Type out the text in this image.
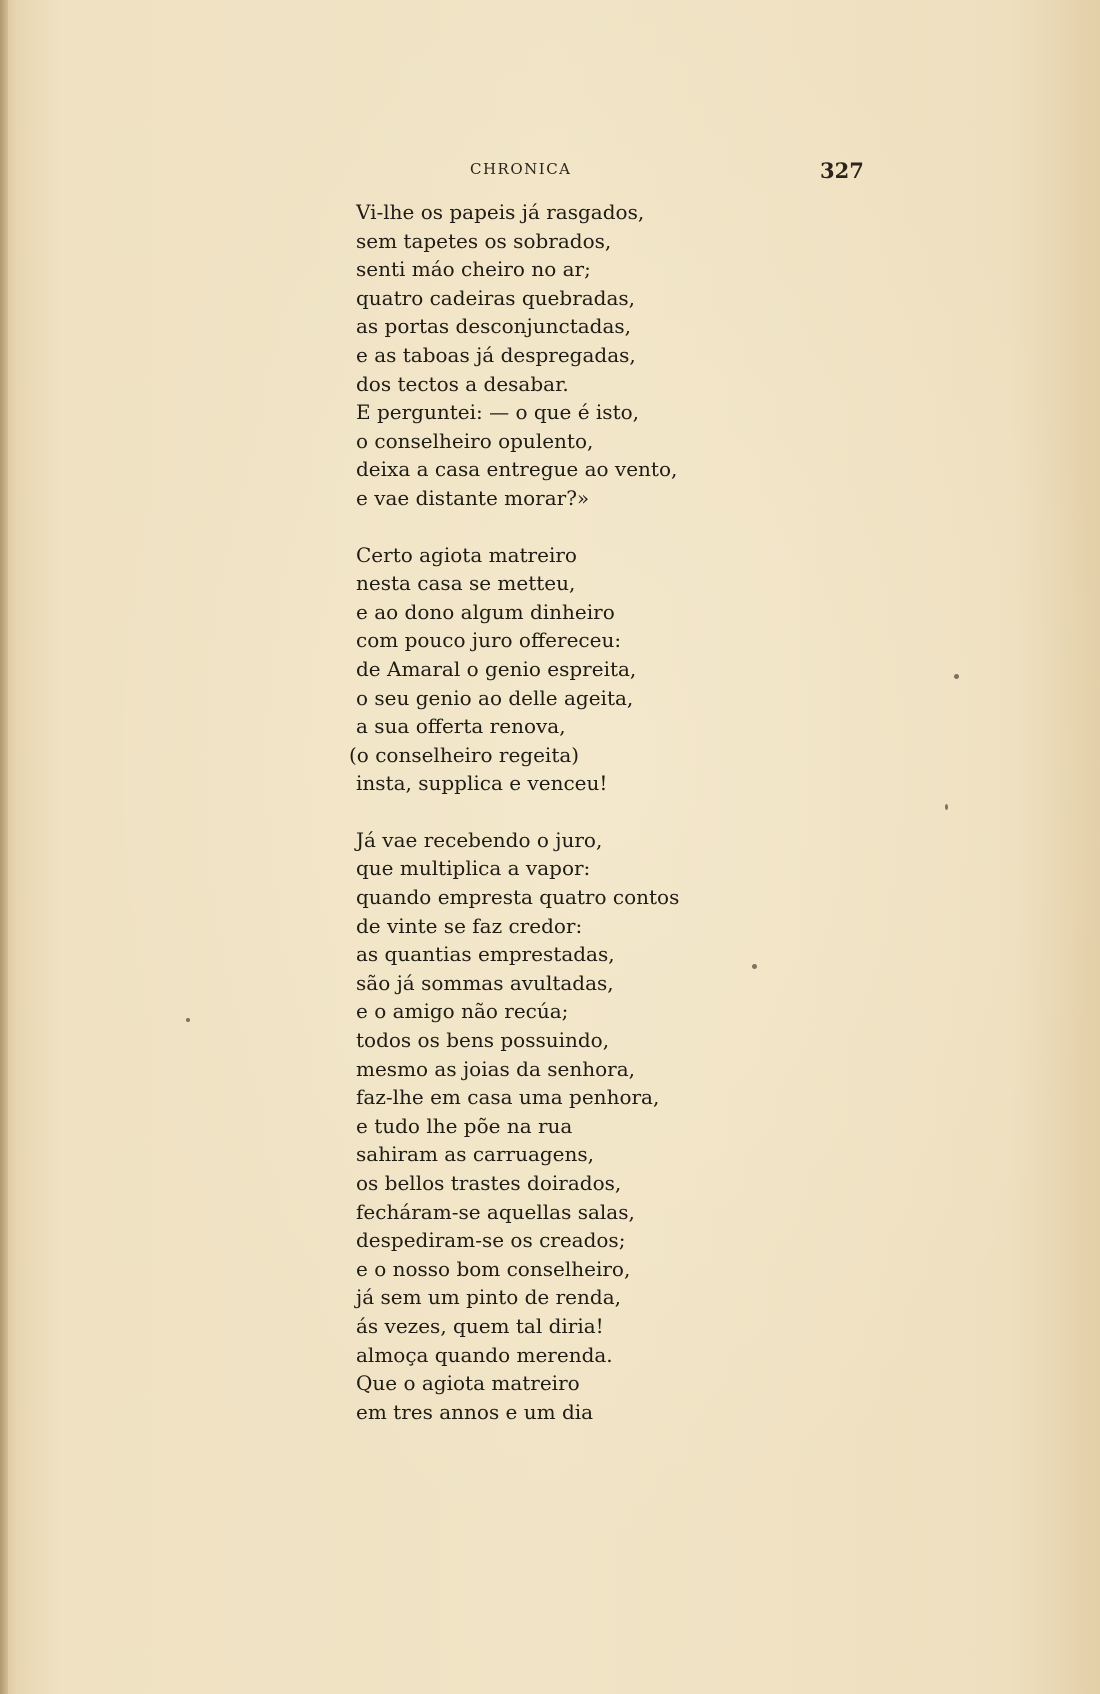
CHRONICA	327
Vi-lhe os papeis já rasgados,
sem tapetes os sobrados,
senti máo cheiro no ar;
quatro cadeiras quebradas,
as portas desconjunctadas,
e as taboas já despregadas,
dos tectos a desabar.
E perguntei: — o que é isto,
o conselheiro opulento,
deixa a casa entregue ao vento,
e vae distante morar?»
Certo agiota matreiro
nesta casa se metteu,
e ao dono algum dinheiro
com pouco juro offereceu:
de Amaral o genio espreita,
o seu genio ao delle ageita,
a sua offerta renova,
(o conselheiro regeita)
insta, supplica e venceu!
Já vae recebendo o juro,
que multiplica a vapor:
quando empresta quatro contos
de vinte se faz credor:
as quantias emprestadas,
são já sommas avultadas,
e o amigo não recúa;
todos os bens possuindo,
mesmo as joias da senhora,
faz-lhe em casa uma penhora,
e tudo lhe põe na rua
sahiram as carruagens,
os bellos trastes doirados,
fecháram-se aquellas salas,
despediram-se os creados;
e o nosso bom conselheiro,
já sem um pinto de renda,
ás vezes, quem tal diria!
almoça quando merenda.
Que o agiota matreiro
em tres annos e um dia
